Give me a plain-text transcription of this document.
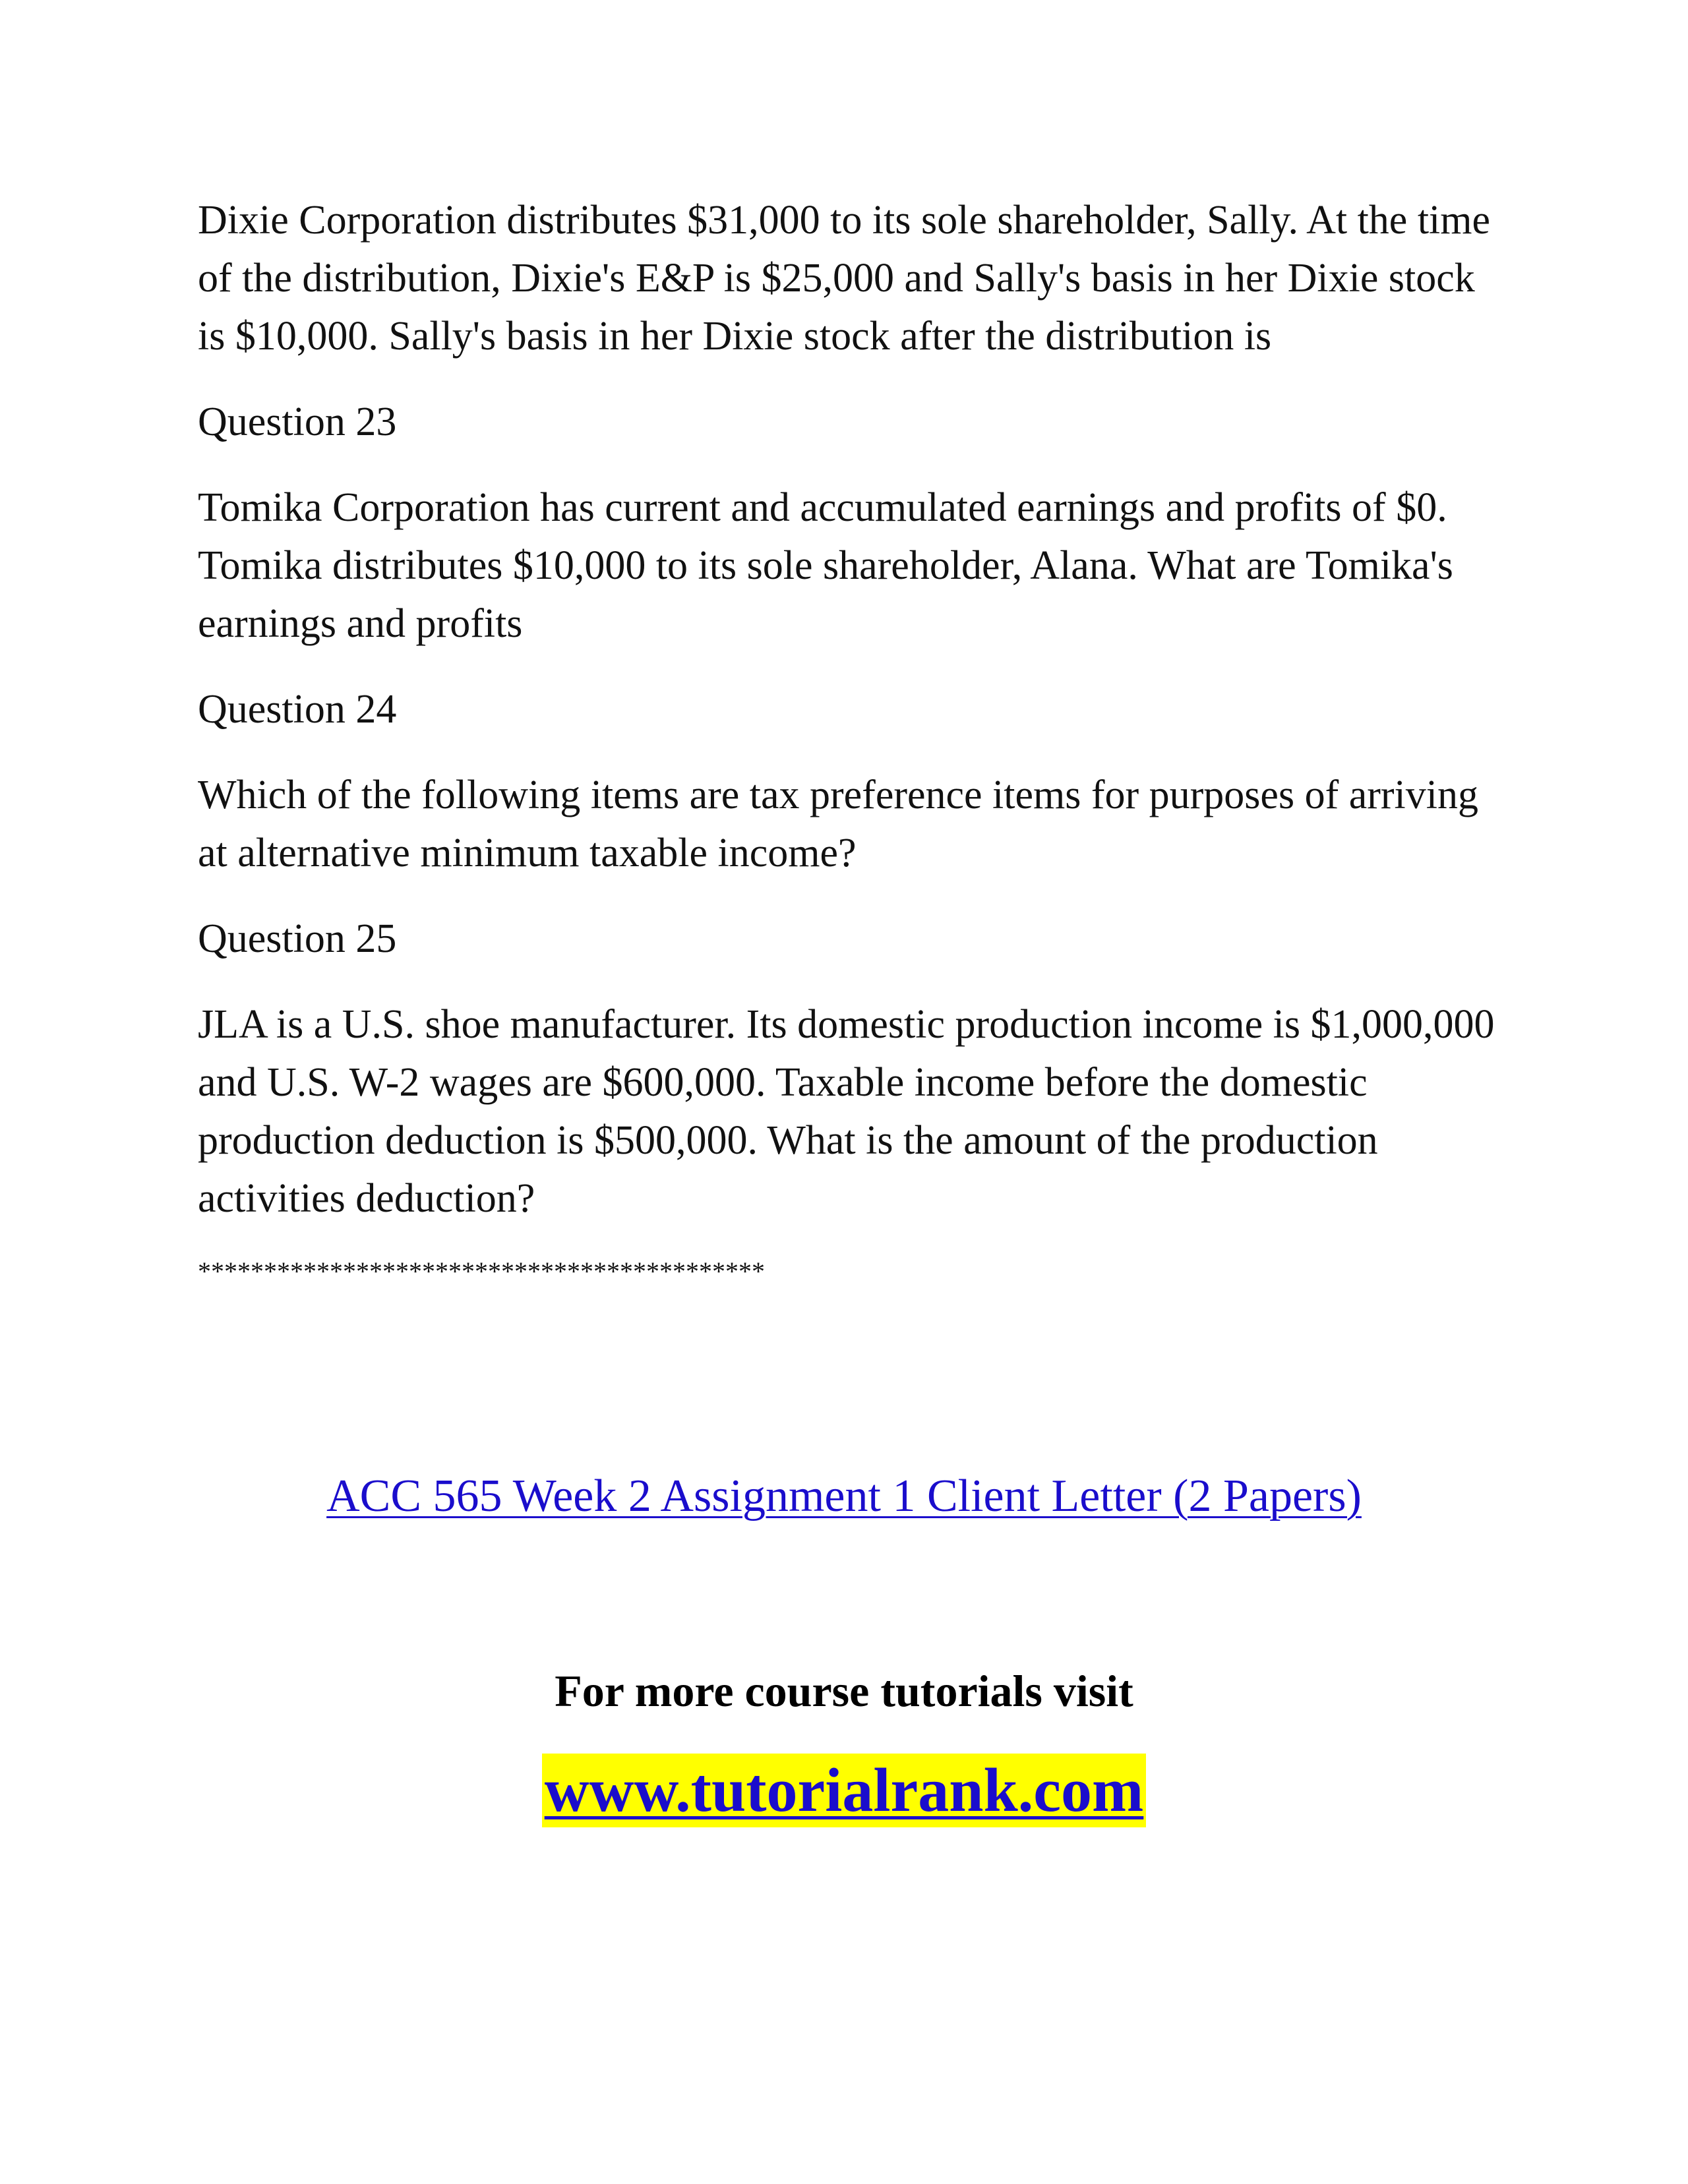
Dixie Corporation distributes $31,000 to its sole shareholder, Sally. At the time of the distribution, Dixie's E&P is $25,000 and Sally's basis in her Dixie stock is $10,000. Sally's basis in her Dixie stock after the distribution is

Question 23

Tomika Corporation has current and accumulated earnings and profits of $0. Tomika distributes $10,000 to its sole shareholder, Alana. What are Tomika's earnings and profits

Question 24

Which of the following items are tax preference items for purposes of arriving at alternative minimum taxable income?

Question 25

JLA is a U.S. shoe manufacturer. Its domestic production income is $1,000,000 and U.S. W-2 wages are $600,000. Taxable income before the domestic production deduction is $500,000. What is the amount of the production activities deduction?

*******************************************
ACC 565 Week 2 Assignment 1 Client Letter (2 Papers)
For more course tutorials visit
www.tutorialrank.com
